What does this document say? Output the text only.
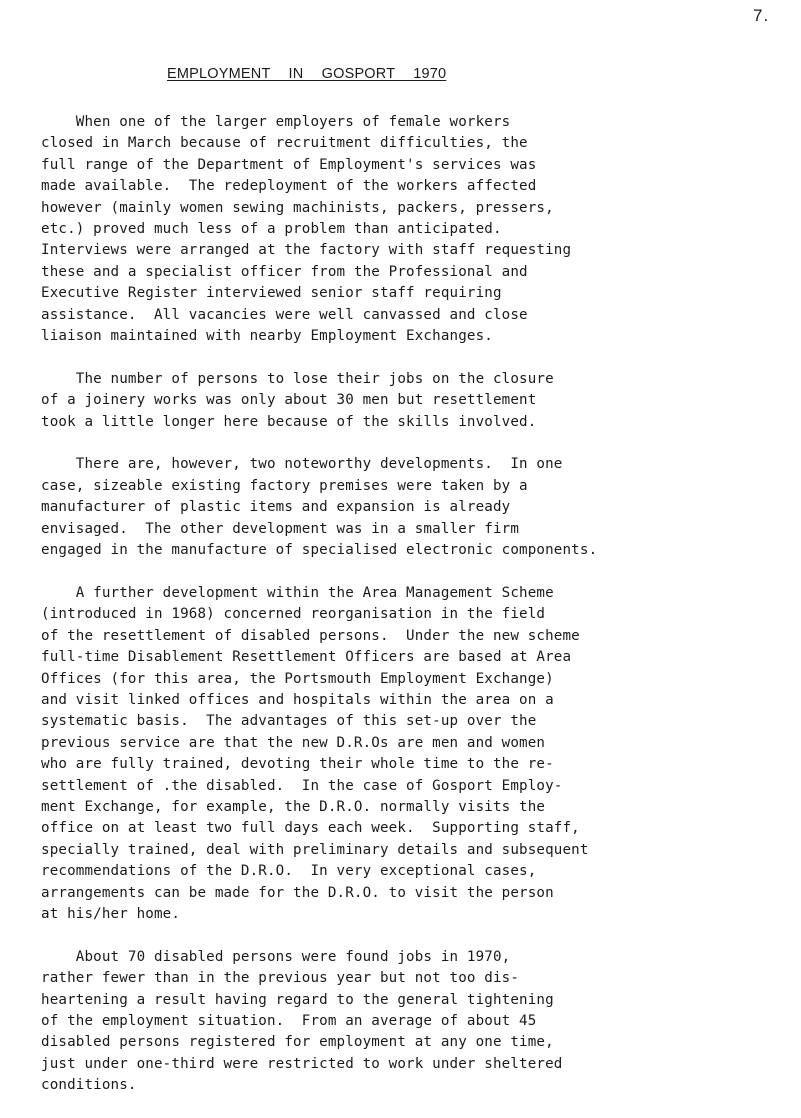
7.
EMPLOYMENT IN GOSPORT 1970
When one of the larger employers of female workers
closed in March because of recruitment difficulties, the
full range of the Department of Employment's services was
made available.  The redeployment of the workers affected
however (mainly women sewing machinists, packers, pressers,
etc.) proved much less of a problem than anticipated.
Interviews were arranged at the factory with staff requesting
these and a specialist officer from the Professional and
Executive Register interviewed senior staff requiring
assistance.  All vacancies were well canvassed and close
liaison maintained with nearby Employment Exchanges.
The number of persons to lose their jobs on the closure
of a joinery works was only about 30 men but resettlement
took a little longer here because of the skills involved.
There are, however, two noteworthy developments.  In one
case, sizeable existing factory premises were taken by a
manufacturer of plastic items and expansion is already
envisaged.  The other development was in a smaller firm
engaged in the manufacture of specialised electronic components.
A further development within the Area Management Scheme
(introduced in 1968) concerned reorganisation in the field
of the resettlement of disabled persons.  Under the new scheme
full-time Disablement Resettlement Officers are based at Area
Offices (for this area, the Portsmouth Employment Exchange)
and visit linked offices and hospitals within the area on a
systematic basis.  The advantages of this set-up over the
previous service are that the new D.R.Os are men and women
who are fully trained, devoting their whole time to the re-
settlement of .the disabled.  In the case of Gosport Employ-
ment Exchange, for example, the D.R.O. normally visits the
office on at least two full days each week.  Supporting staff,
specially trained, deal with preliminary details and subsequent
recommendations of the D.R.O.  In very exceptional cases,
arrangements can be made for the D.R.O. to visit the person
at his/her home.
About 70 disabled persons were found jobs in 1970,
rather fewer than in the previous year but not too dis-
heartening a result having regard to the general tightening
of the employment situation.  From an average of about 45
disabled persons registered for employment at any one time,
just under one-third were restricted to work under sheltered
conditions.
